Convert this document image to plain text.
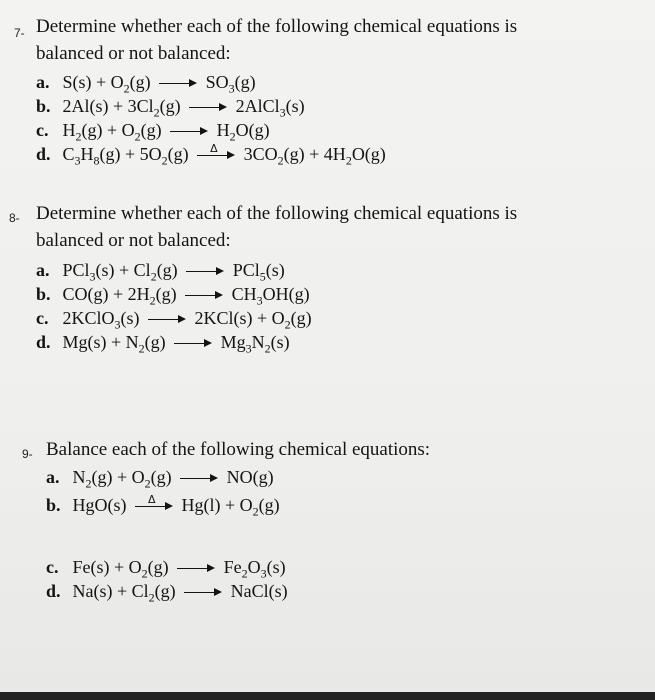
7- Determine whether each of the following chemical equations is

balanced or not balanced:

a. $S(s) + O_2(g)$	$SO_3(g)$
b. $2Al(s) + 3Cl_2(g)$	2AlCl$_3$(s)
c. $H_2(g) + O_2(g)$	$H_2O(g)$
d. $C_3H_8(g) + 5O_2(g)$ Δ $3CO_2(g) + 4H_2O(g)$
8- Determine whether each of the following chemical equations is

balanced or not balanced:

a. $PCl_3(s) + Cl_2(g)$	PCl$_5$(s)
b. $CO(g) + 2H_2(g)$	$CH_3OH(g)$
c. 2KClO$_3$(s)	$2KCl(s) + O_2(g)$
d. $Mg(s) + N_2(g)$	$Mg_3N_2(s)$
9- Balance each of the following chemical equations:

a. $N_2(g) + O_2(g)$	NO(g)
b. HgO(s) Δ $Hg(l) + O_2(g)$
c. $Fe(s) + O_2(g)$	$Fe_2O_3(s)$
d. $Na(s) + Cl_2(g)$	NaCl(s)
